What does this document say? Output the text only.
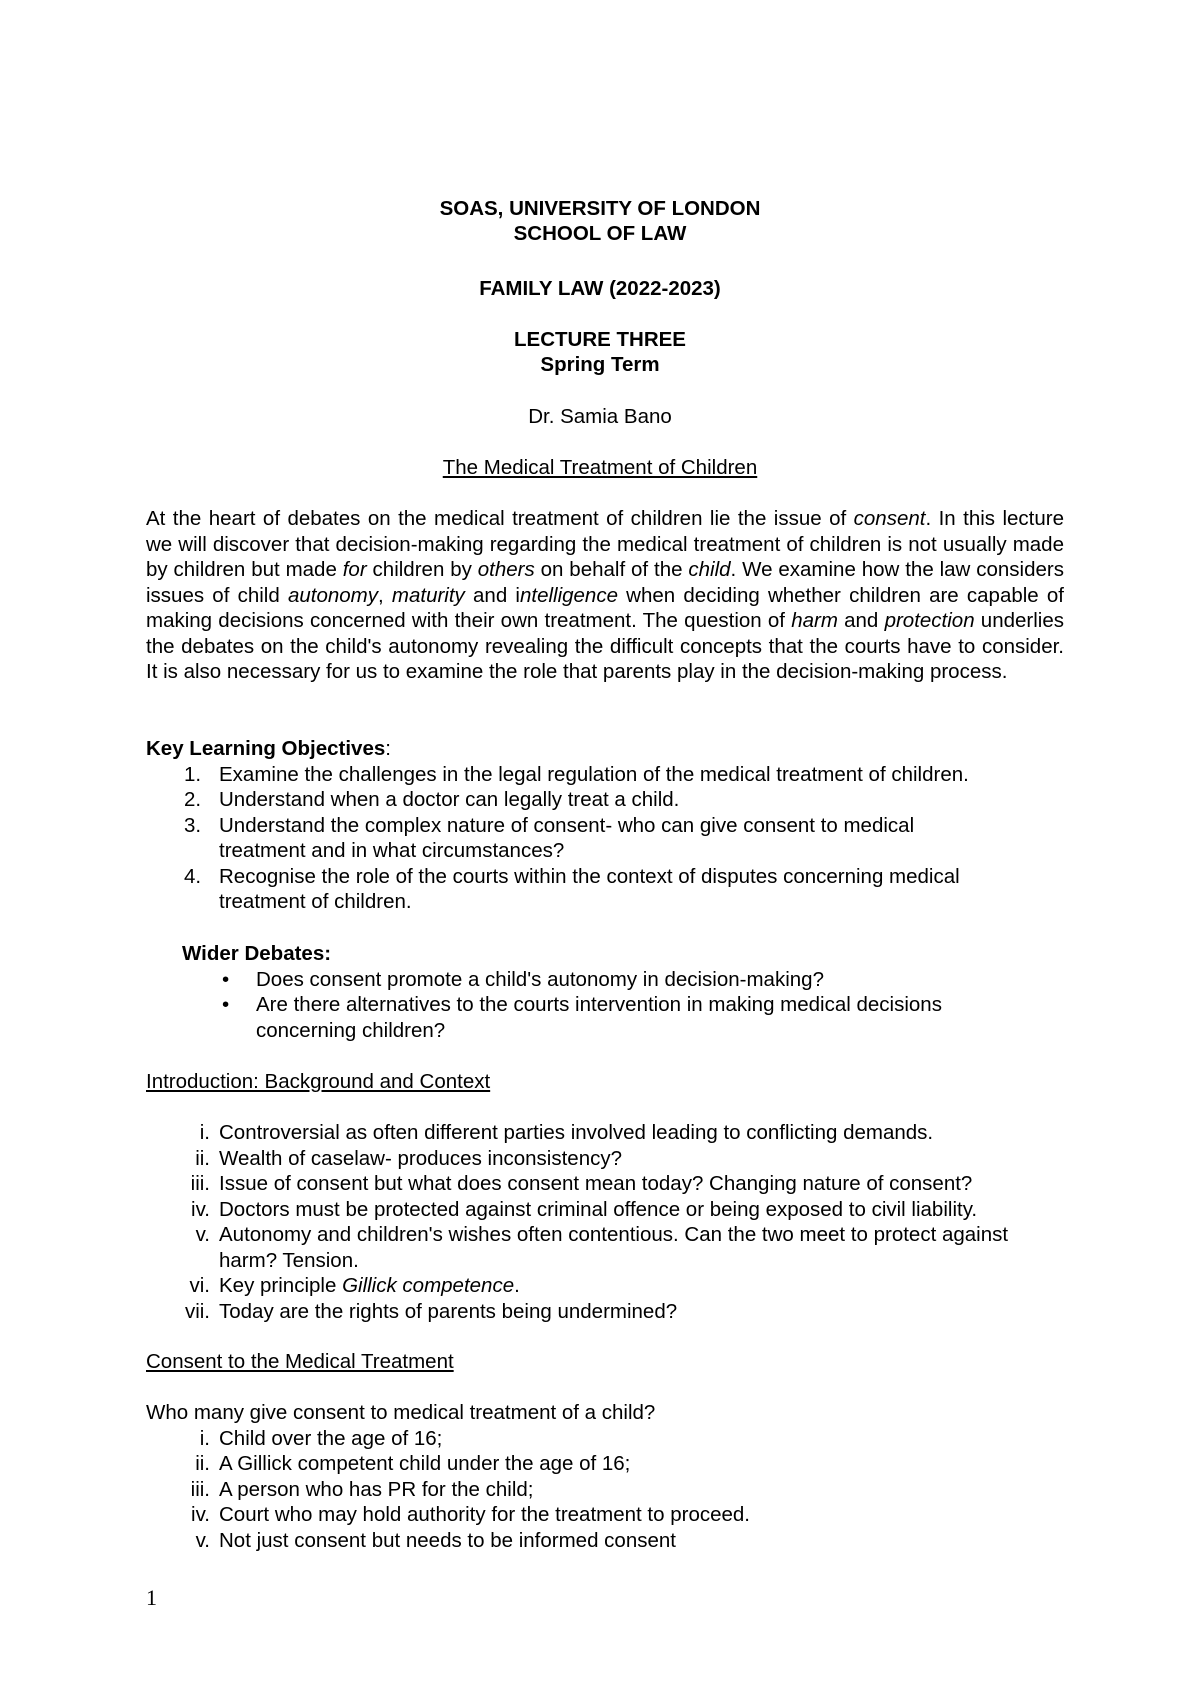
SOAS, UNIVERSITY OF LONDON

SCHOOL OF LAW

FAMILY LAW (2022-2023)

LECTURE THREE

Spring Term

Dr. Samia Bano

The Medical Treatment of Children

At the heart of debates on the medical treatment of children lie the issue of consent. In this lecture we will discover that decision-making regarding the medical treatment of children is not usually made by children but made for children by others on behalf of the child. We examine how the law considers issues of child autonomy, maturity and intelligence when deciding whether children are capable of making decisions concerned with their own treatment. The question of harm and protection underlies the debates on the child's autonomy revealing the difficult concepts that the courts have to consider. It is also necessary for us to examine the role that parents play in the decision-making process.

Key Learning Objectives:

1. Examine the challenges in the legal regulation of the medical treatment of children.
2. Understand when a doctor can legally treat a child.
3. Understand the complex nature of consent- who can give consent to medical treatment and in what circumstances?
4. Recognise the role of the courts within the context of disputes concerning medical treatment of children.

Wider Debates:

• Does consent promote a child's autonomy in decision-making?
• Are there alternatives to the courts intervention in making medical decisions concerning children?

Introduction: Background and Context

i. Controversial as often different parties involved leading to conflicting demands.
ii. Wealth of caselaw- produces inconsistency?
iii. Issue of consent but what does consent mean today? Changing nature of consent?
iv. Doctors must be protected against criminal offence or being exposed to civil liability.
v. Autonomy and children's wishes often contentious. Can the two meet to protect against harm? Tension.
vi. Key principle Gillick competence.
vii. Today are the rights of parents being undermined?

Consent to the Medical Treatment

Who many give consent to medical treatment of a child?

i. Child over the age of 16;
ii. A Gillick competent child under the age of 16;
iii. A person who has PR for the child;
iv. Court who may hold authority for the treatment to proceed.
v. Not just consent but needs to be informed consent
1
